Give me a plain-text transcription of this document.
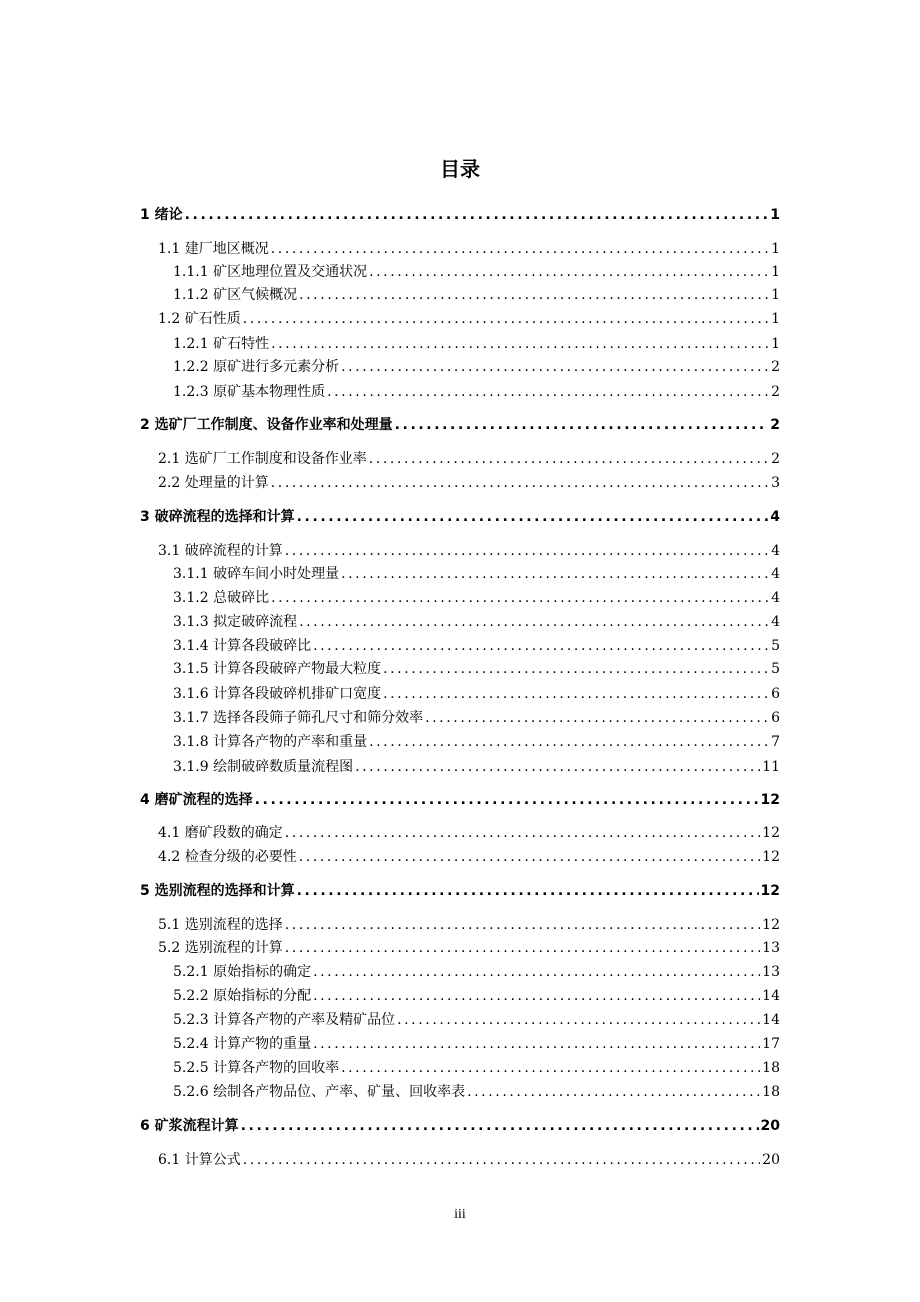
目录
1 绪论 .....	1
1.1 建厂地区概况 .....	1
1.1.1 矿区地理位置及交通状况 .....	1
1.1.2 矿区气候概况 .....	1
1.2 矿石性质 .....	1
1.2.1 矿石特性 .....	1
1.2.2 原矿进行多元素分析 .....	2
1.2.3 原矿基本物理性质 .....	2
2 选矿厂工作制度、设备作业率和处理量 .....	2
2.1 选矿厂工作制度和设备作业率 .....	2
2.2 处理量的计算 .....	3
3 破碎流程的选择和计算 .....	4
3.1 破碎流程的计算 .....	4
3.1.1 破碎车间小时处理量 .....	4
3.1.2 总破碎比 .....	4
3.1.3 拟定破碎流程 .....	4
3.1.4 计算各段破碎比 .....	5
3.1.5 计算各段破碎产物最大粒度 .....	5
3.1.6 计算各段破碎机排矿口宽度 .....	6
3.1.7 选择各段筛子筛孔尺寸和筛分效率 .....	6
3.1.8 计算各产物的产率和重量 .....	7
3.1.9 绘制破碎数质量流程图 .....	11
4 磨矿流程的选择 .....	12
4.1 磨矿段数的确定 .....	12
4.2 检查分级的必要性 .....	12
5 选别流程的选择和计算 .....	12
5.1 选别流程的选择 .....	12
5.2 选别流程的计算 .....	13
5.2.1 原始指标的确定 .....	13
5.2.2 原始指标的分配 .....	14
5.2.3 计算各产物的产率及精矿品位 .....	14
5.2.4 计算产物的重量 .....	17
5.2.5 计算各产物的回收率 .....	18
5.2.6 绘制各产物品位、产率、矿量、回收率表 .....	18
6 矿浆流程计算 .....	20
6.1 计算公式 .....	20
iii
